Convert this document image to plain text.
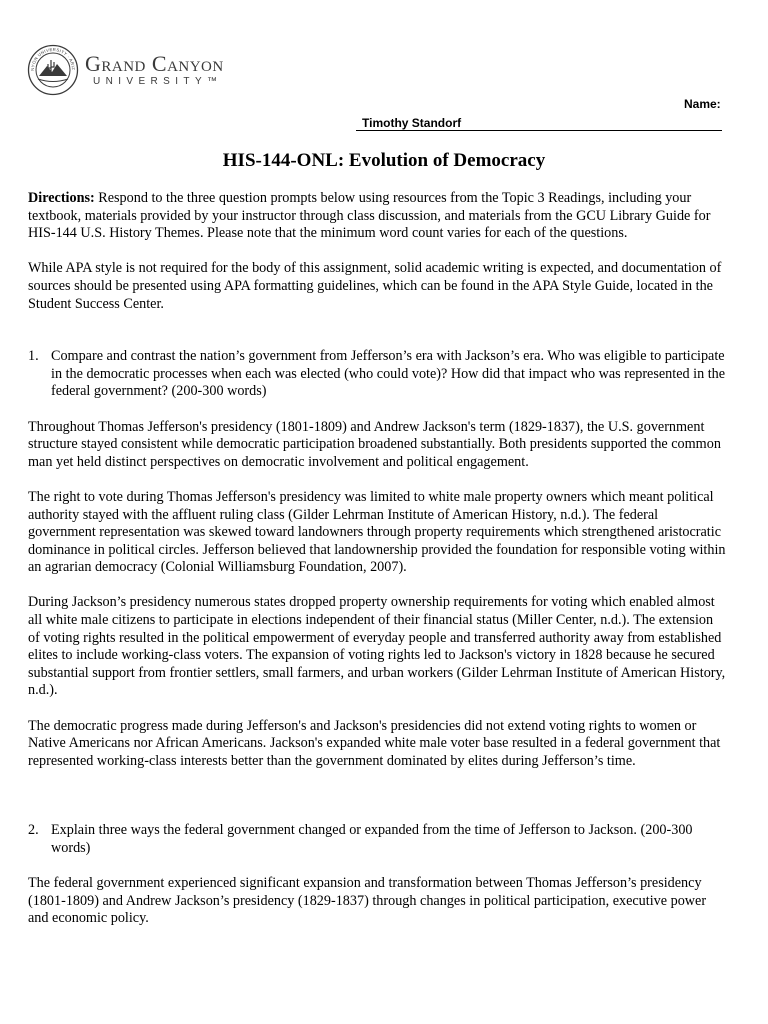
NYON UNIVERSITY · ARIZ Grand Canyon
UNIVERSITY™
Name:
Timothy Standorf
HIS-144-ONL: Evolution of Democracy

Directions: Respond to the three question prompts below using resources from the Topic 3 Readings, including your textbook, materials provided by your instructor through class discussion, and materials from the GCU Library Guide for HIS-144 U.S. History Themes. Please note that the minimum word count varies for each of the questions.

While APA style is not required for the body of this assignment, solid academic writing is expected, and documentation of sources should be presented using APA formatting guidelines, which can be found in the APA Style Guide, located in the Student Success Center.

1. Compare and contrast the nation’s government from Jefferson’s era with Jackson’s era. Who was eligible to participate in the democratic processes when each was elected (who could vote)? How did that impact who was represented in the federal government? (200-300 words)

Throughout Thomas Jefferson's presidency (1801-1809) and Andrew Jackson's term (1829-1837), the U.S. government structure stayed consistent while democratic participation broadened substantially. Both presidents supported the common man yet held distinct perspectives on democratic involvement and political engagement.

The right to vote during Thomas Jefferson's presidency was limited to white male property owners which meant political authority stayed with the affluent ruling class (Gilder Lehrman Institute of American History, n.d.). The federal government representation was skewed toward landowners through property requirements which strengthened aristocratic dominance in political circles. Jefferson believed that landownership provided the foundation for responsible voting within an agrarian democracy (Colonial Williamsburg Foundation, 2007).

During Jackson’s presidency numerous states dropped property ownership requirements for voting which enabled almost all white male citizens to participate in elections independent of their financial status (Miller Center, n.d.). The extension of voting rights resulted in the political empowerment of everyday people and transferred authority away from established elites to include working-class voters. The expansion of voting rights led to Jackson's victory in 1828 because he secured substantial support from frontier settlers, small farmers, and urban workers (Gilder Lehrman Institute of American History, n.d.).

The democratic progress made during Jefferson's and Jackson's presidencies did not extend voting rights to women or Native Americans nor African Americans. Jackson's expanded white male voter base resulted in a federal government that represented working-class interests better than the government dominated by elites during Jefferson’s time.

2. Explain three ways the federal government changed or expanded from the time of Jefferson to Jackson. (200-300 words)

The federal government experienced significant expansion and transformation between Thomas Jefferson’s presidency (1801-1809) and Andrew Jackson’s presidency (1829-1837) through changes in political participation, executive power and economic policy.
